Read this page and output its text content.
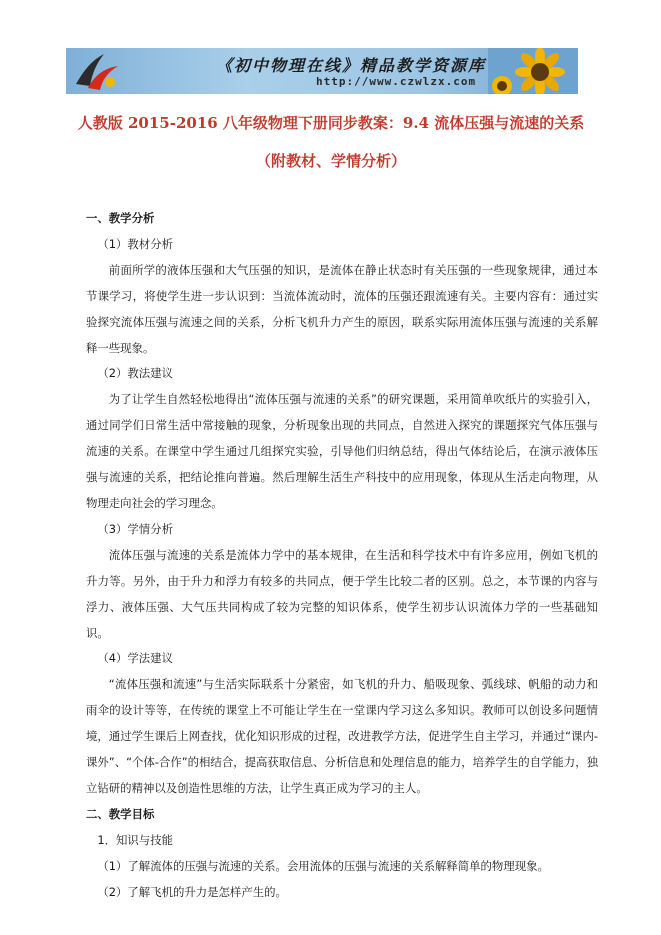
《初中物理在线》精品教学资源库
http://www.czwlzx.com
人教版 2015-2016 八年级物理下册同步教案：9.4 流体压强与流速的关系（附教材、学情分析）

一、教学分析

（1）教材分析

前面所学的液体压强和大气压强的知识，是流体在静止状态时有关压强的一些现象规律，通过本节课学习，将使学生进一步认识到：当流体流动时，流体的压强还跟流速有关。主要内容有：通过实验探究流体压强与流速之间的关系，分析飞机升力产生的原因，联系实际用流体压强与流速的关系解释一些现象。

（2）教法建议

为了让学生自然轻松地得出“流体压强与流速的关系”的研究课题，采用简单吹纸片的实验引入，通过同学们日常生活中常接触的现象，分析现象出现的共同点，自然进入探究的课题探究气体压强与流速的关系。在课堂中学生通过几组探究实验，引导他们归纳总结，得出气体结论后，在演示液体压强与流速的关系，把结论推向普遍。然后理解生活生产科技中的应用现象，体现从生活走向物理，从物理走向社会的学习理念。

（3）学情分析

流体压强与流速的关系是流体力学中的基本规律，在生活和科学技术中有许多应用，例如飞机的升力等。另外，由于升力和浮力有较多的共同点，便于学生比较二者的区别。总之，本节课的内容与浮力、液体压强、大气压共同构成了较为完整的知识体系，使学生初步认识流体力学的一些基础知识。

（4）学法建议

“流体压强和流速”与生活实际联系十分紧密，如飞机的升力、船吸现象、弧线球、帆船的动力和雨伞的设计等等，在传统的课堂上不可能让学生在一堂课内学习这么多知识。教师可以创设多问题情境，通过学生课后上网查找，优化知识形成的过程，改进教学方法，促进学生自主学习，并通过“课内-课外”、“个体-合作”的相结合，提高获取信息、分析信息和处理信息的能力，培养学生的自学能力，独立钻研的精神以及创造性思维的方法，让学生真正成为学习的主人。

二、教学目标

1．知识与技能

（1）了解流体的压强与流速的关系。会用流体的压强与流速的关系解释简单的物理现象。

（2）了解飞机的升力是怎样产生的。
